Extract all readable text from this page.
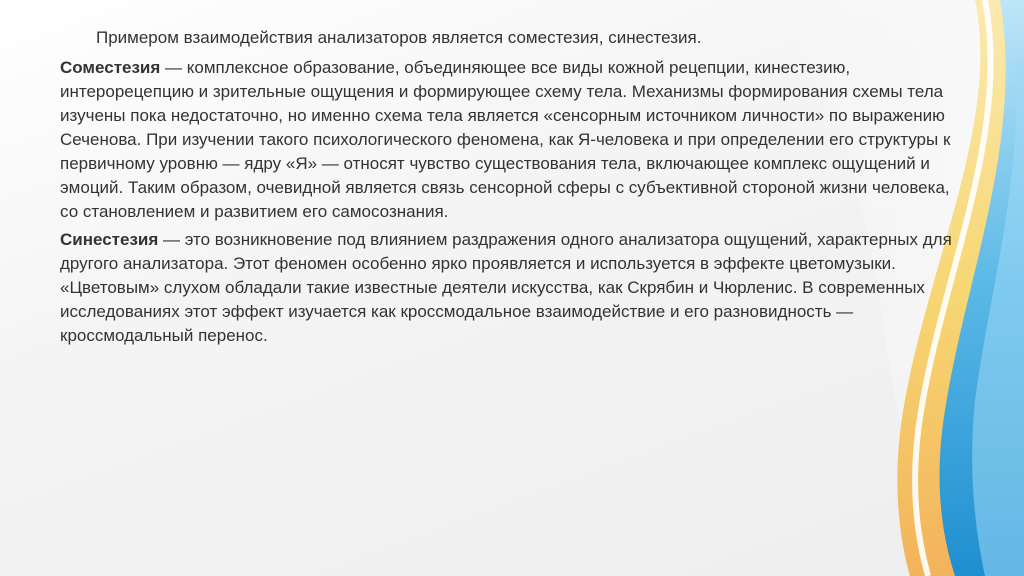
Примером взаимодействия анализаторов является соместезия, синестезия.

Соместезия — комплексное образование, объединяющее все виды кожной рецепции, кинестезию, интерорецепцию и зрительные ощущения и формирующее схему тела. Механизмы формирования схемы тела изучены пока недостаточно, но именно схема тела является «сенсорным источником личности» по выражению Сеченова. При изучении такого психологического феномена, как Я-человека и при определении его структуры к первичному уровню — ядру «Я» — относят чувство существования тела, включающее комплекс ощущений и эмоций. Таким образом, очевидной является связь сенсорной сферы с субъективной стороной жизни человека, со становлением и развитием его самосознания.

Синестезия — это возникновение под влиянием раздражения одного анализатора ощущений, характерных для другого анализатора. Этот феномен особенно ярко проявляется и используется в эффекте цветомузыки. «Цветовым» слухом обладали такие известные деятели искусства, как Скрябин и Чюрленис. В современных исследованиях этот эффект изучается как кроссмодальное взаимодействие и его разновидность — кроссмодальный перенос.
